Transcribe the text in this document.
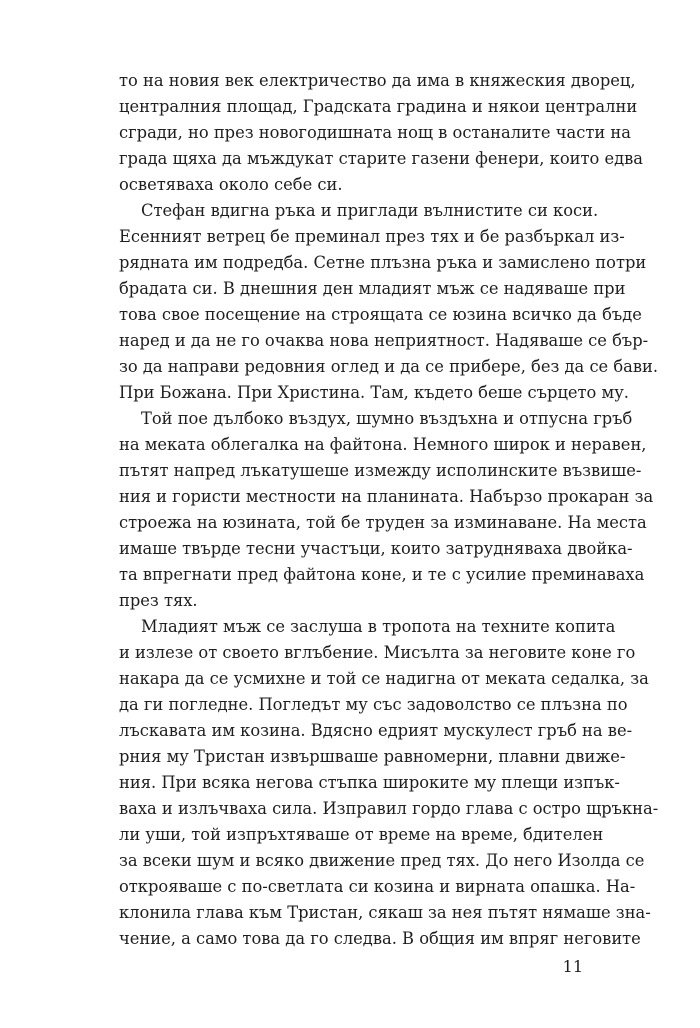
то на новия век електричество да има в княжеския дворец,
централния площад, Градската градина и някои централни
сгради, но през новогодишната нощ в останалите части на
града щяха да мъждукат старите газени фенери, които едва
осветяваха около себе си.
Стефан вдигна ръка и приглади вълнистите си коси.
Есенният ветрец бе преминал през тях и бе разбъркал из-
рядната им подредба. Сетне плъзна ръка и замислено потри
брадата си. В днешния ден младият мъж се надяваше при
това свое посещение на строящата се юзина всичко да бъде
наред и да не го очаква нова неприятност. Надяваше се бър-
зо да направи редовния оглед и да се прибере, без да се бави.
При Божана. При Христина. Там, където беше сърцето му.
Той пое дълбоко въздух, шумно въздъхна и отпусна гръб
на меката облегалка на файтона. Немного широк и неравен,
пътят напред лъкатушеше измежду исполинските възвише-
ния и гористи местности на планината. Набързо прокаран за
строежа на юзината, той бе труден за изминаване. На места
имаше твърде тесни участъци, които затрудняваха двойка-
та впрегнати пред файтона коне, и те с усилие преминаваха
през тях.
Младият мъж се заслуша в тропота на техните копита
и излезе от своето вглъбение. Мисълта за неговите коне го
накара да се усмихне и той се надигна от меката седалка, за
да ги погледне. Погледът му със задоволство се плъзна по
лъскавата им козина. Вдясно едрият мускулест гръб на ве-
рния му Тристан извършваше равномерни, плавни движе-
ния. При всяка негова стъпка широките му плещи изпък-
ваха и излъчваха сила. Изправил гордо глава с остро щръкна-
ли уши, той изпръхтяваше от време на време, бдителен
за всеки шум и всяко движение пред тях. До него Изолда се
открояваше с по-светлата си козина и вирната опашка. На-
клонила глава към Тристан, сякаш за нея пътят нямаше зна-
чение, а само това да го следва. В общия им впряг неговите
11
